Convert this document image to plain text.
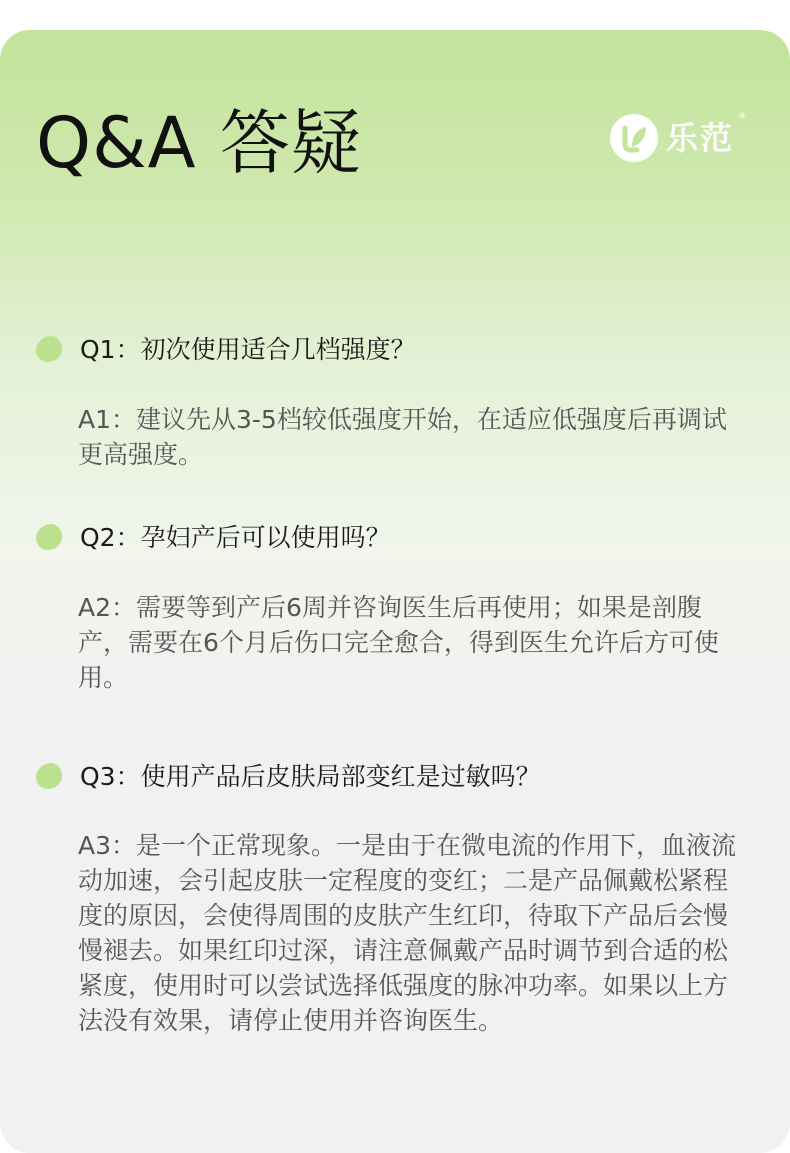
Q&A 答疑	乐范
®
Q1：初次使用适合几档强度？
A1：建议先从3-5档较低强度开始，在适应低强度后再调试更高强度。
Q2：孕妇产后可以使用吗？
A2：需要等到产后6周并咨询医生后再使用；如果是剖腹产，需要在6个月后伤口完全愈合，得到医生允许后方可使用。
Q3：使用产品后皮肤局部变红是过敏吗？
A3：是一个正常现象。一是由于在微电流的作用下，血液流动加速，会引起皮肤一定程度的变红；二是产品佩戴松紧程度的原因，会使得周围的皮肤产生红印，待取下产品后会慢慢褪去。如果红印过深，请注意佩戴产品时调节到合适的松紧度，使用时可以尝试选择低强度的脉冲功率。如果以上方法没有效果，请停止使用并咨询医生。
